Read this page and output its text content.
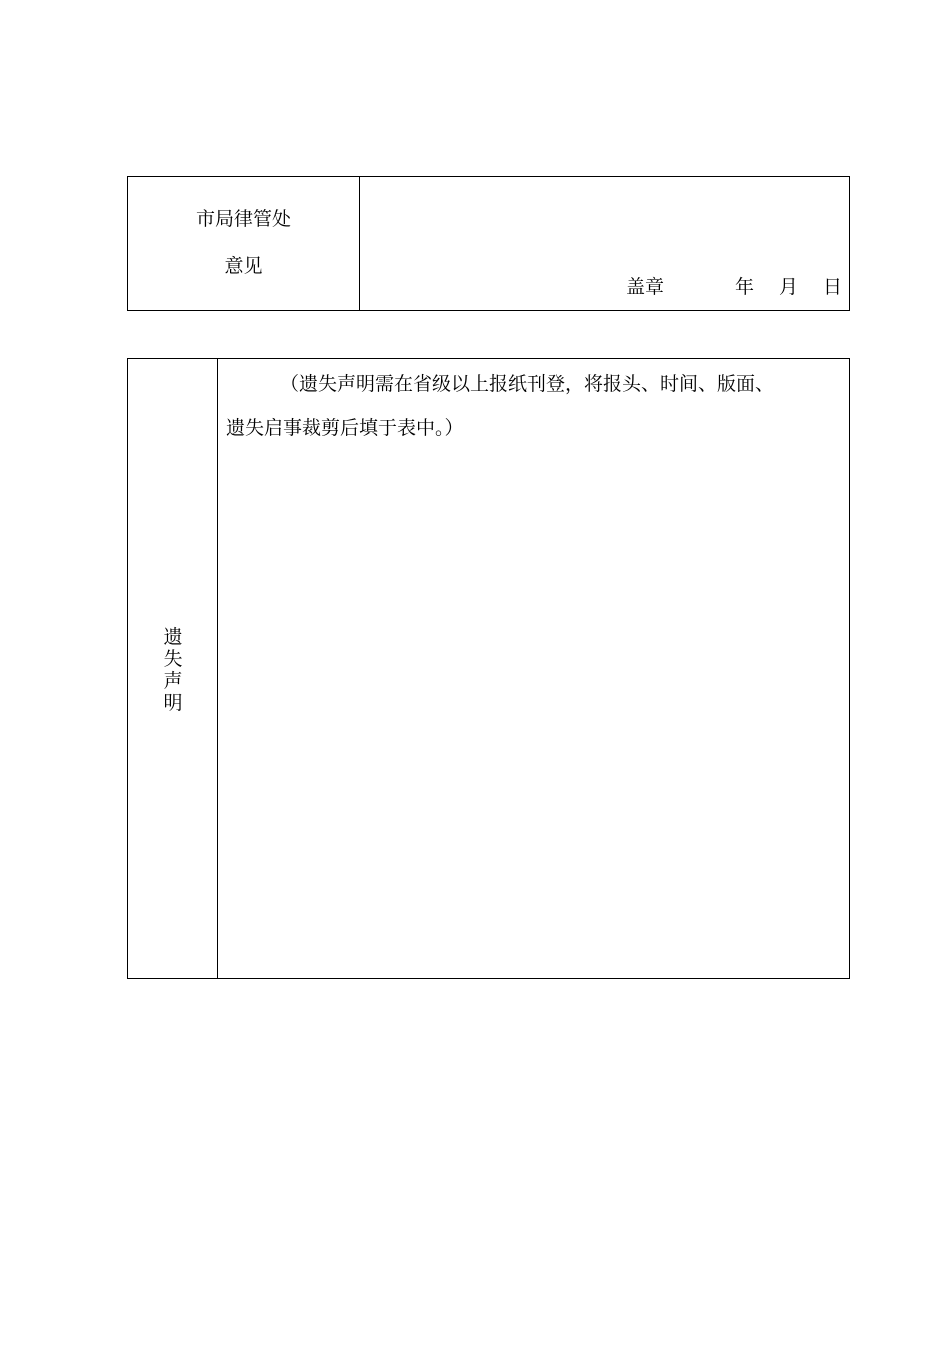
市局律管处
意见
盖章	年 月 日
遗
失
声
明
（遗失声明需在省级以上报纸刊登，将报头、时间、版面、
遗失启事裁剪后填于表中。）
